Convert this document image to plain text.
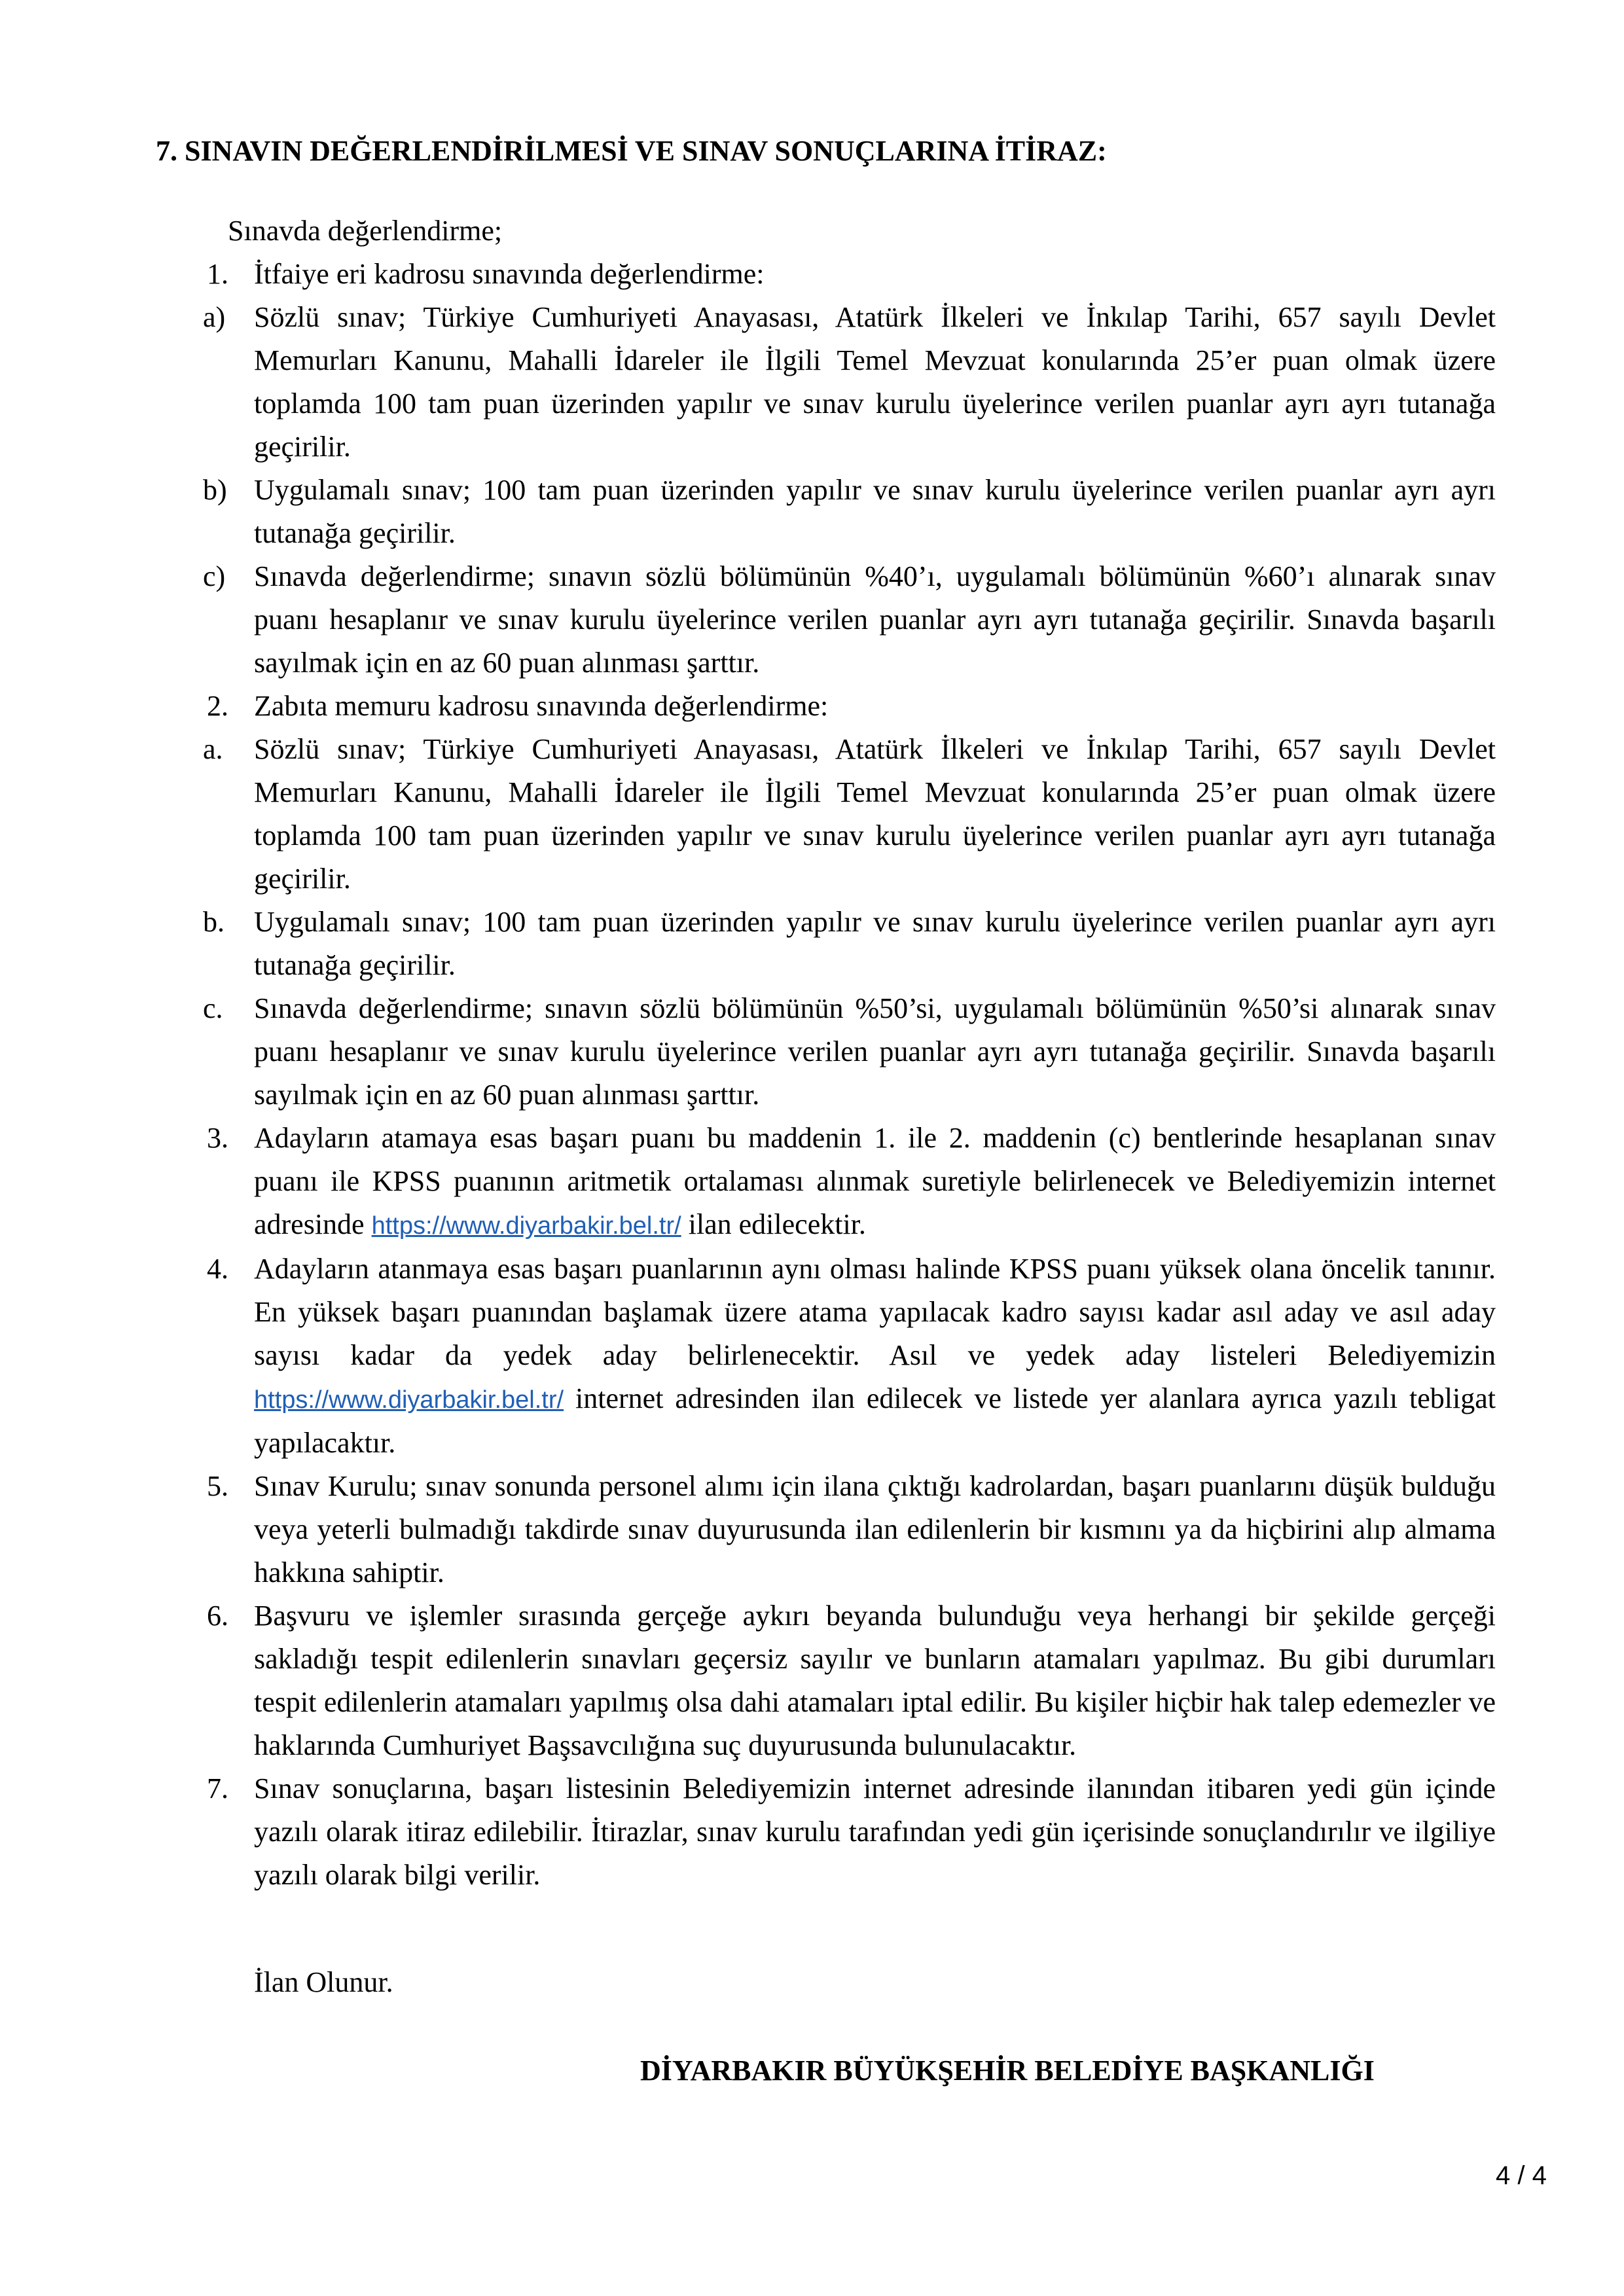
7. SINAVIN DEĞERLENDİRİLMESİ VE SINAV SONUÇLARINA İTİRAZ:
Sınavda değerlendirme;
1. İtfaiye eri kadrosu sınavında değerlendirme:
a) Sözlü sınav; Türkiye Cumhuriyeti Anayasası, Atatürk İlkeleri ve İnkılap Tarihi, 657 sayılı Devlet Memurları Kanunu, Mahalli İdareler ile İlgili Temel Mevzuat konularında 25’er puan olmak üzere toplamda 100 tam puan üzerinden yapılır ve sınav kurulu üyelerince verilen puanlar ayrı ayrı tutanağa geçirilir.
b) Uygulamalı sınav; 100 tam puan üzerinden yapılır ve sınav kurulu üyelerince verilen puanlar ayrı ayrı tutanağa geçirilir.
c) Sınavda değerlendirme; sınavın sözlü bölümünün %40’ı, uygulamalı bölümünün %60’ı alınarak sınav puanı hesaplanır ve sınav kurulu üyelerince verilen puanlar ayrı ayrı tutanağa geçirilir. Sınavda başarılı sayılmak için en az 60 puan alınması şarttır.
2. Zabıta memuru kadrosu sınavında değerlendirme:
a. Sözlü sınav; Türkiye Cumhuriyeti Anayasası, Atatürk İlkeleri ve İnkılap Tarihi, 657 sayılı Devlet Memurları Kanunu, Mahalli İdareler ile İlgili Temel Mevzuat konularında 25’er puan olmak üzere toplamda 100 tam puan üzerinden yapılır ve sınav kurulu üyelerince verilen puanlar ayrı ayrı tutanağa geçirilir.
b. Uygulamalı sınav; 100 tam puan üzerinden yapılır ve sınav kurulu üyelerince verilen puanlar ayrı ayrı tutanağa geçirilir.
c. Sınavda değerlendirme; sınavın sözlü bölümünün %50’si, uygulamalı bölümünün %50’si alınarak sınav puanı hesaplanır ve sınav kurulu üyelerince verilen puanlar ayrı ayrı tutanağa geçirilir. Sınavda başarılı sayılmak için en az 60 puan alınması şarttır.
3. Adayların atamaya esas başarı puanı bu maddenin 1. ile 2. maddenin (c) bentlerinde hesaplanan sınav puanı ile KPSS puanının aritmetik ortalaması alınmak suretiyle belirlenecek ve Belediyemizin internet adresinde https://www.diyarbakir.bel.tr/ ilan edilecektir.
4. Adayların atanmaya esas başarı puanlarının aynı olması halinde KPSS puanı yüksek olana öncelik tanınır. En yüksek başarı puanından başlamak üzere atama yapılacak kadro sayısı kadar asıl aday ve asıl aday sayısı kadar da yedek aday belirlenecektir. Asıl ve yedek aday listeleri Belediyemizin https://www.diyarbakir.bel.tr/ internet adresinden ilan edilecek ve listede yer alanlara ayrıca yazılı tebligat yapılacaktır.
5. Sınav Kurulu; sınav sonunda personel alımı için ilana çıktığı kadrolardan, başarı puanlarını düşük bulduğu veya yeterli bulmadığı takdirde sınav duyurusunda ilan edilenlerin bir kısmını ya da hiçbirini alıp almama hakkına sahiptir.
6. Başvuru ve işlemler sırasında gerçeğe aykırı beyanda bulunduğu veya herhangi bir şekilde gerçeği sakladığı tespit edilenlerin sınavları geçersiz sayılır ve bunların atamaları yapılmaz. Bu gibi durumları tespit edilenlerin atamaları yapılmış olsa dahi atamaları iptal edilir. Bu kişiler hiçbir hak talep edemezler ve haklarında Cumhuriyet Başsavcılığına suç duyurusunda bulunulacaktır.
7. Sınav sonuçlarına, başarı listesinin Belediyemizin internet adresinde ilanından itibaren yedi gün içinde yazılı olarak itiraz edilebilir. İtirazlar, sınav kurulu tarafından yedi gün içerisinde sonuçlandırılır ve ilgiliye yazılı olarak bilgi verilir.
İlan Olunur.
DİYARBAKIR BÜYÜKŞEHİR BELEDİYE BAŞKANLIĞI
4 / 4
